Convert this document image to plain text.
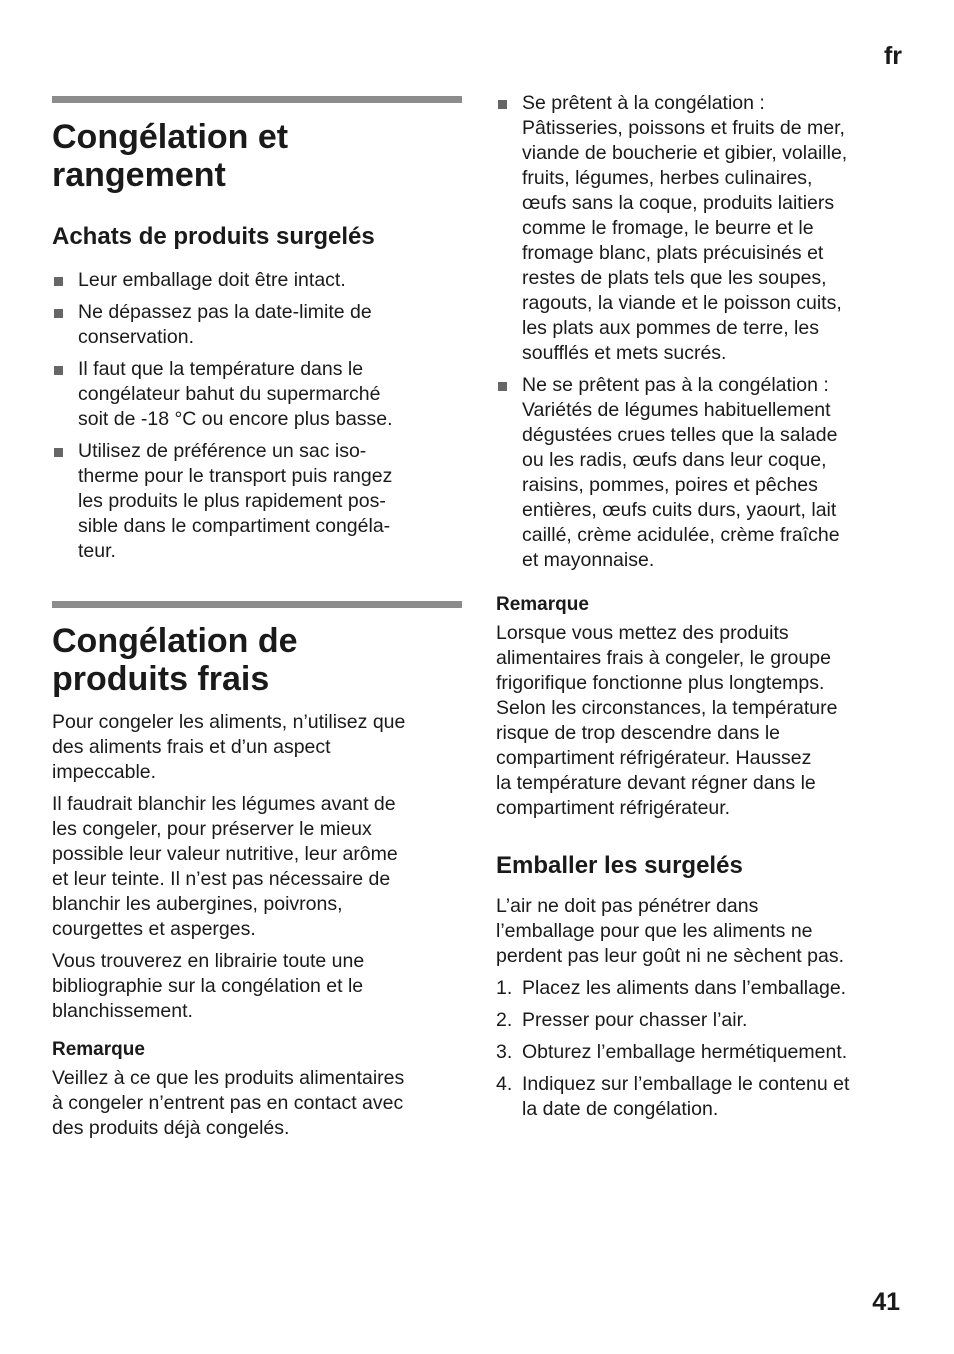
fr
Congélation et
rangement
Achats de produits surgelés
Leur emballage doit être intact.
Ne dépassez pas la date-limite de
conservation.
Il faut que la température dans le
congélateur bahut du supermarché
soit de -18 °C ou encore plus basse.
Utilisez de préférence un sac iso-
therme pour le transport puis rangez
les produits le plus rapidement pos-
sible dans le compartiment congéla-
teur.
Congélation de
produits frais

Pour congeler les aliments, n’utilisez que
des aliments frais et d’un aspect
impeccable.

Il faudrait blanchir les légumes avant de
les congeler, pour préserver le mieux
possible leur valeur nutritive, leur arôme
et leur teinte. Il n’est pas nécessaire de
blanchir les aubergines, poivrons,
courgettes et asperges.

Vous trouverez en librairie toute une
bibliographie sur la congélation et le
blanchissement.

Remarque

Veillez à ce que les produits alimentaires
à congeler n’entrent pas en contact avec
des produits déjà congelés.

Se prêtent à la congélation :
Pâtisseries, poissons et fruits de mer,
viande de boucherie et gibier, volaille,
fruits, légumes, herbes culinaires,
œufs sans la coque, produits laitiers
comme le fromage, le beurre et le
fromage blanc, plats précuisinés et
restes de plats tels que les soupes,
ragouts, la viande et le poisson cuits,
les plats aux pommes de terre, les
soufflés et mets sucrés.
Ne se prêtent pas à la congélation :
Variétés de légumes habituellement
dégustées crues telles que la salade
ou les radis, œufs dans leur coque,
raisins, pommes, poires et pêches
entières, œufs cuits durs, yaourt, lait
caillé, crème acidulée, crème fraîche
et mayonnaise.
Remarque

Lorsque vous mettez des produits
alimentaires frais à congeler, le groupe
frigorifique fonctionne plus longtemps.
Selon les circonstances, la température
risque de trop descendre dans le
compartiment réfrigérateur. Haussez
la température devant régner dans le
compartiment réfrigérateur.

Emballer les surgelés

L’air ne doit pas pénétrer dans
l’emballage pour que les aliments ne
perdent pas leur goût ni ne sèchent pas.

1. Placez les aliments dans l’emballage.
2. Presser pour chasser l’air.
3. Obturez l’emballage hermétiquement.
4. Indiquez sur l’emballage le contenu et
la date de congélation.
41
